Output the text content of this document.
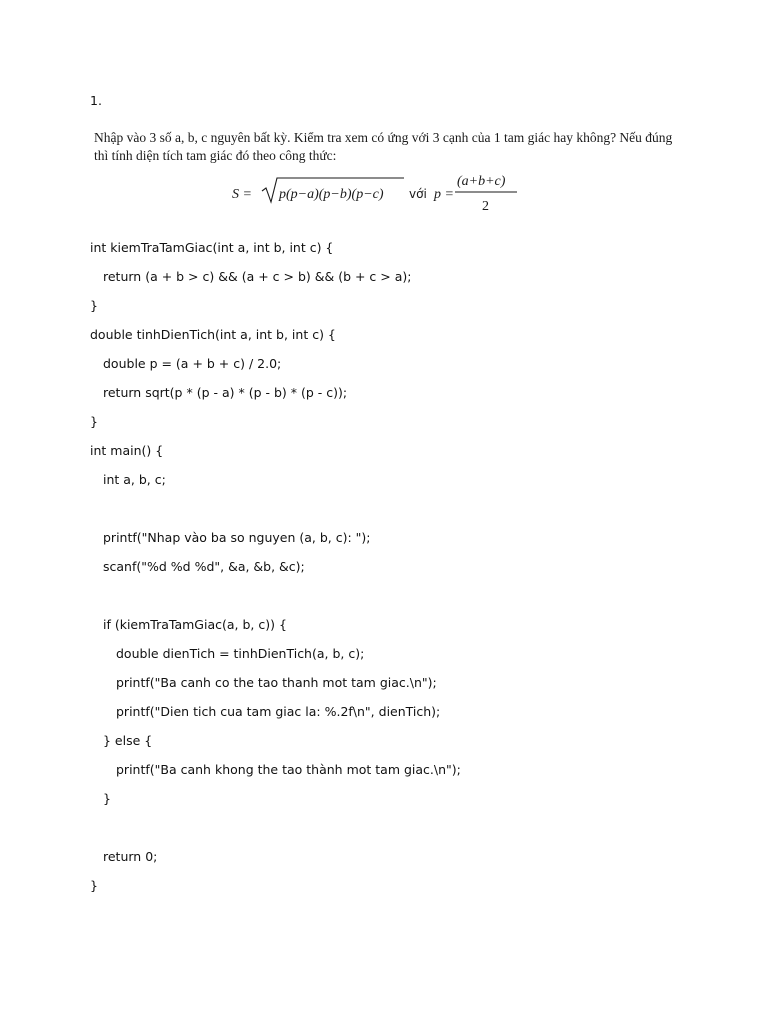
1.
Nhập vào 3 số a, b, c nguyên bất kỳ. Kiểm tra xem có ứng với 3 cạnh của 1 tam giác hay không? Nếu đúng thì tính diện tích tam giác đó theo công thức:
S = p(p−a)(p−b)(p−c) với p =
(a+b+c)
2
int kiemTraTamGiac(int a, int b, int c) {
return (a + b > c) && (a + c > b) && (b + c > a);
}
double tinhDienTich(int a, int b, int c) {
double p = (a + b + c) / 2.0;
return sqrt(p * (p - a) * (p - b) * (p - c));
}
int main() {
int a, b, c;
printf("Nhap vào ba so nguyen (a, b, c): ");
scanf("%d %d %d", &a, &b, &c);
if (kiemTraTamGiac(a, b, c)) {
double dienTich = tinhDienTich(a, b, c);
printf("Ba canh co the tao thanh mot tam giac.\n");
printf("Dien tich cua tam giac la: %.2f\n", dienTich);
} else {
printf("Ba canh khong the tao thành mot tam giac.\n");
}
return 0;
}
